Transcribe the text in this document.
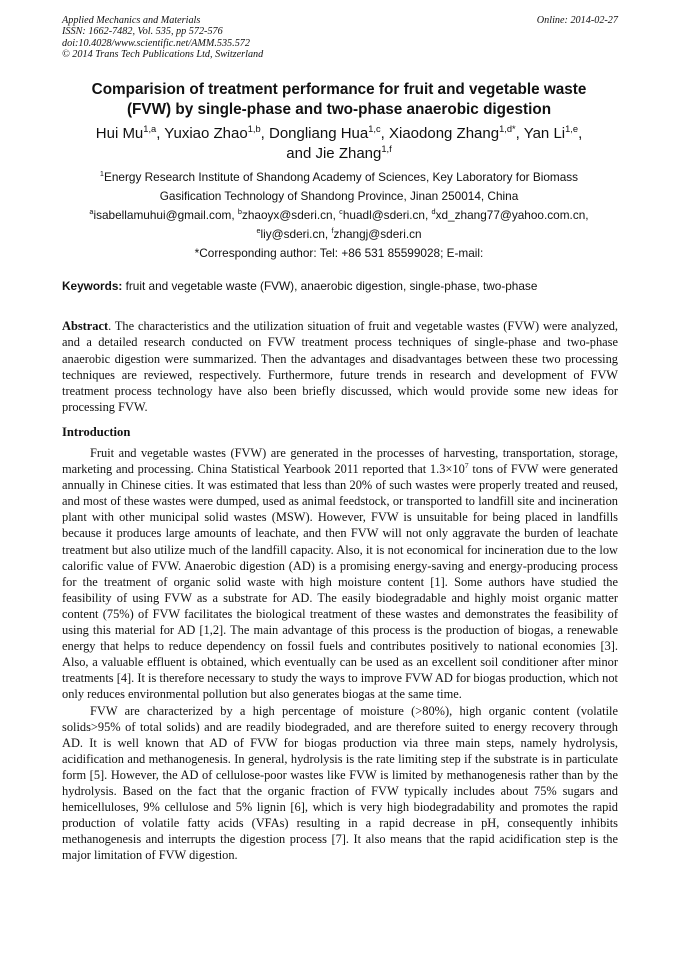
Applied Mechanics and Materials
ISSN: 1662-7482, Vol. 535, pp 572-576
doi:10.4028/www.scientific.net/AMM.535.572
© 2014 Trans Tech Publications Ltd, Switzerland
Online: 2014-02-27
Comparision of treatment performance for fruit and vegetable waste
(FVW) by single-phase and two-phase anaerobic digestion
Hui Mu$^{1,a}$, Yuxiao Zhao$^{1,b}$, Dongliang Hua$^{1,c}$, Xiaodong Zhang$^{1,d*}$, Yan Li$^{1,e}$,
and Jie Zhang$^{1,f}$
$^1$Energy Research Institute of Shandong Academy of Sciences, Key Laboratory for Biomass
Gasification Technology of Shandong Province, Jinan 250014, China
$^a$isabellamuhui@gmail.com, $^b$zhaoyx@sderi.cn, $^c$huadl@sderi.cn, $^d$xd_zhang77@yahoo.com.cn,
$^e$liy@sderi.cn, $^f$zhangj@sderi.cn
*Corresponding author: Tel: +86 531 85599028; E-mail:
Keywords: fruit and vegetable waste (FVW), anaerobic digestion, single-phase, two-phase
Abstract. The characteristics and the utilization situation of fruit and vegetable wastes (FVW) were analyzed, and a detailed research conducted on FVW treatment process techniques of single-phase and two-phase anaerobic digestion were summarized. Then the advantages and disadvantages between these two processing techniques are reviewed, respectively. Furthermore, future trends in research and development of FVW treatment process technology have also been briefly discussed, which would provide some new ideas for processing FVW.
Introduction

Fruit and vegetable wastes (FVW) are generated in the processes of harvesting, transportation, storage, marketing and processing. China Statistical Yearbook 2011 reported that $1.3\times 10^7$ tons of FVW were generated annually in Chinese cities. It was estimated that less than 20% of such wastes were properly treated and reused, and most of these wastes were dumped, used as animal feedstock, or transported to landfill site and incineration plant with other municipal solid wastes (MSW). However, FVW is unsuitable for being placed in landfills because it produces large amounts of leachate, and then FVW will not only aggravate the burden of leachate treatment but also utilize much of the landfill capacity. Also, it is not economical for incineration due to the low calorific value of FVW. Anaerobic digestion (AD) is a promising energy-saving and energy-producing process for the treatment of organic solid waste with high moisture content [1]. Some authors have studied the feasibility of using FVW as a substrate for AD. The easily biodegradable and highly moist organic matter content (75%) of FVW facilitates the biological treatment of these wastes and demonstrates the feasibility of using this material for AD [1,2]. The main advantage of this process is the production of biogas, a renewable energy that helps to reduce dependency on fossil fuels and contributes positively to national economies [3]. Also, a valuable effluent is obtained, which eventually can be used as an excellent soil conditioner after minor treatments [4]. It is therefore necessary to study the ways to improve FVW AD for biogas production, which not only reduces environmental pollution but also generates biogas at the same time.

FVW are characterized by a high percentage of moisture (>80%), high organic content (volatile solids>95% of total solids) and are readily biodegraded, and are therefore suited to energy recovery through AD. It is well known that AD of FVW for biogas production via three main steps, namely hydrolysis, acidification and methanogenesis. In general, hydrolysis is the rate limiting step if the substrate is in particulate form [5]. However, the AD of cellulose-poor wastes like FVW is limited by methanogenesis rather than by the hydrolysis. Based on the fact that the organic fraction of FVW typically includes about 75% sugars and hemicelluloses, 9% cellulose and 5% lignin [6], which is very high biodegradability and promotes the rapid production of volatile fatty acids (VFAs) resulting in a rapid decrease in pH, consequently inhibits methanogenesis and interrupts the digestion process [7]. It also means that the rapid acidification step is the major limitation of FVW digestion.
